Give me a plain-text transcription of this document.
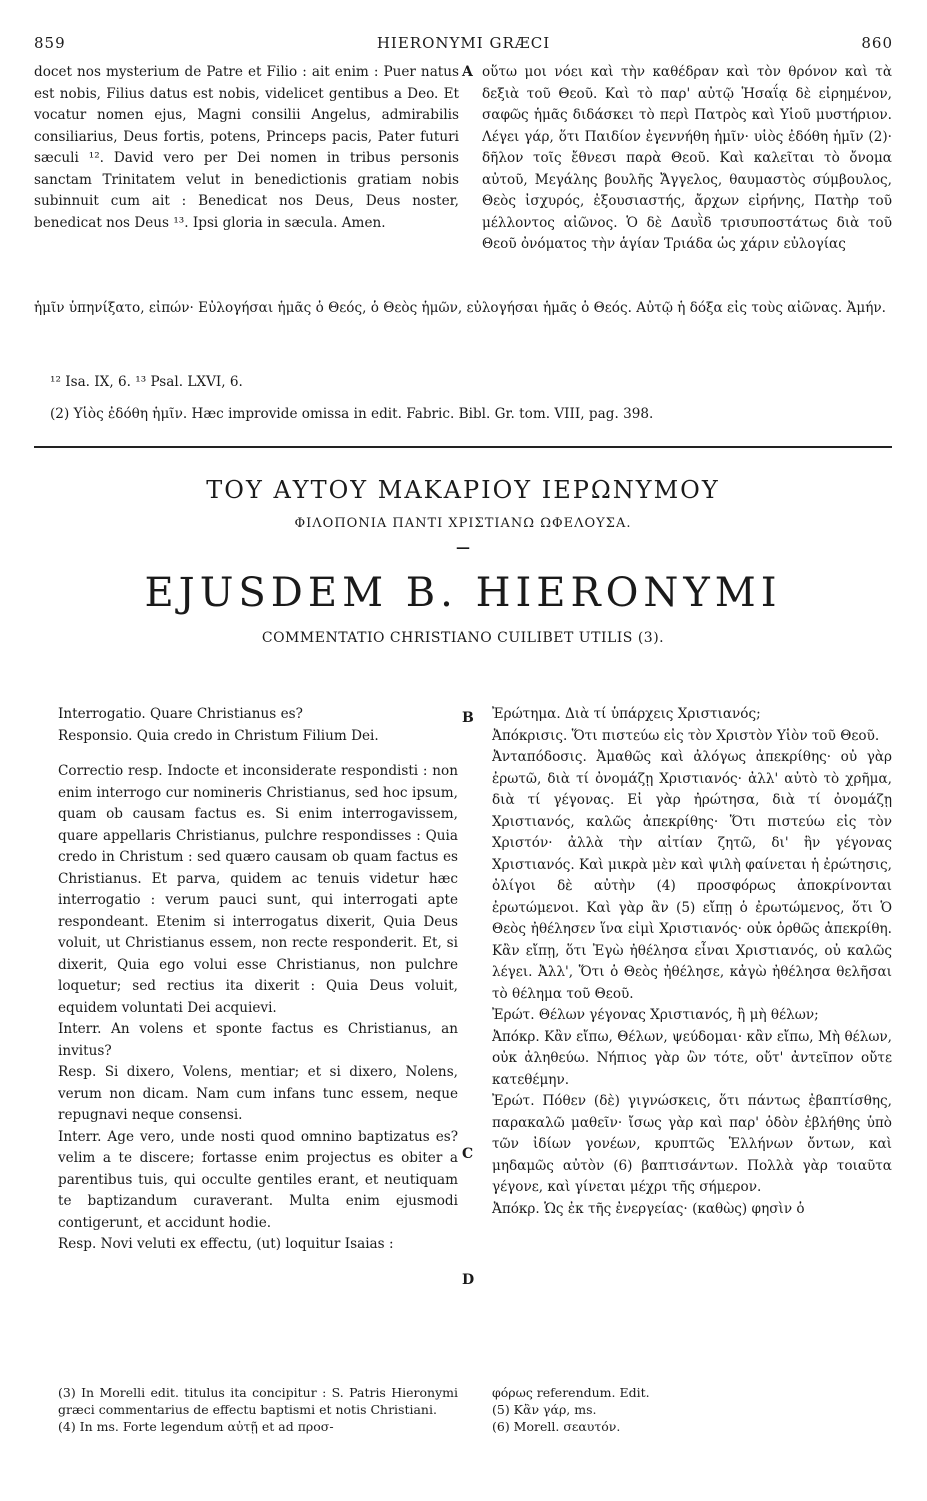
859	HIERONYMI GRÆCI	860

docet nos mysterium de Patre et Filio : ait enim : Puer natus est nobis, Filius datus est nobis, videlicet gentibus a Deo. Et vocatur nomen ejus, Magni consilii Angelus, admirabilis consiliarius, Deus fortis, potens, Princeps pacis, Pater futuri sæculi ¹². David vero per Dei nomen in tribus personis sanctam Trinitatem velut in benedictionis gratiam nobis subinnuit cum ait : Benedicat nos Deus, Deus noster, benedicat nos Deus ¹³. Ipsi gloria in sæcula. Amen.

A οὕτω μοι νόει καὶ τὴν καθέδραν καὶ τὸν θρόνον καὶ τὰ δεξιὰ τοῦ Θεοῦ. Καὶ τὸ παρ' αὐτῷ Ἡσαΐᾳ δὲ εἰρημένον, σαφῶς ἡμᾶς διδάσκει τὸ περὶ Πατρὸς καὶ Υἱοῦ μυστήριον. Λέγει γάρ, ὅτι Παιδίον ἐγεννήθη ἡμῖν· υἱὸς ἐδόθη ἡμῖν (2)· δῆλον τοῖς ἔθνεσι παρὰ Θεοῦ. Καὶ καλεῖται τὸ ὄνομα αὐτοῦ, Μεγάλης βουλῆς Ἄγγελος, θαυμαστὸς σύμβουλος, Θεὸς ἰσχυρός, ἐξουσιαστής, ἄρχων εἰρήνης, Πατὴρ τοῦ μέλλοντος αἰῶνος. Ὁ δὲ Δαυῒδ τρισυποστάτως διὰ τοῦ Θεοῦ ὀνόματος τὴν ἁγίαν Τριάδα ὡς χάριν εὐλογίας

ἡμῖν ὑπηνίξατο, εἰπών· Εὐλογήσαι ἡμᾶς ὁ Θεός, ὁ Θεὸς ἡμῶν, εὐλογήσαι ἡμᾶς ὁ Θεός. Αὐτῷ ἡ δόξα εἰς τοὺς αἰῶνας. Ἀμήν.

¹² Isa. IX, 6. ¹³ Psal. LXVI, 6.
(2) Υἱὸς ἐδόθη ἡμῖν. Hæc improvide omissa in edit. Fabric. Bibl. Gr. tom. VIII, pag. 398.
ΤΟΥ ΑΥΤΟΥ ΜΑΚΑΡΙΟΥ ΙΕΡΩΝΥΜΟΥ
ΦΙΛΟΠΟΝΙΑ ΠΑΝΤΙ ΧΡΙΣΤΙΑΝΩ ΩΦΕΛΟΥΣΑ.
—
EJUSDEM B. HIERONYMI
COMMENTATIO CHRISTIANO CUILIBET UTILIS (3).

Interrogatio. Quare Christianus es?

Responsio. Quia credo in Christum Filium Dei.

Correctio resp. Indocte et inconsiderate respondisti : non enim interrogo cur nomineris Christianus, sed hoc ipsum, quam ob causam factus es. Si enim interrogavissem, quare appellaris Christianus, pulchre respondisses : Quia credo in Christum : sed quæro causam ob quam factus es Christianus. Et parva, quidem ac tenuis videtur hæc interrogatio : verum pauci sunt, qui interrogati apte respondeant. Etenim si interrogatus dixerit, Quia Deus voluit, ut Christianus essem, non recte responderit. Et, si dixerit, Quia ego volui esse Christianus, non pulchre loquetur; sed rectius ita dixerit : Quia Deus voluit, equidem voluntati Dei acquievi.

Interr. An volens et sponte factus es Christianus, an invitus?

Resp. Si dixero, Volens, mentiar; et si dixero, Nolens, verum non dicam. Nam cum infans tunc essem, neque repugnavi neque consensi.

Interr. Age vero, unde nosti quod omnino baptizatus es? velim a te discere; fortasse enim projectus es obiter a parentibus tuis, qui occulte gentiles erant, et neutiquam te baptizandum curaverant. Multa enim ejusmodi contigerunt, et accidunt hodie.

Resp. Novi veluti ex effectu, (ut) loquitur Isaias :

B
C
D

Ἐρώτημα. Διὰ τί ὑπάρχεις Χριστιανός;

Ἀπόκρισις. Ὅτι πιστεύω εἰς τὸν Χριστὸν Υἱὸν τοῦ Θεοῦ.

Ἀνταπόδοσις. Ἀμαθῶς καὶ ἀλόγως ἀπεκρίθης· οὐ γὰρ ἐρωτῶ, διὰ τί ὀνομάζῃ Χριστιανός· ἀλλ' αὐτὸ τὸ χρῆμα, διὰ τί γέγονας. Εἰ γὰρ ἠρώτησα, διὰ τί ὀνομάζῃ Χριστιανός, καλῶς ἀπεκρίθης· Ὅτι πιστεύω εἰς τὸν Χριστόν· ἀλλὰ τὴν αἰτίαν ζητῶ, δι' ἣν γέγονας Χριστιανός. Καὶ μικρὰ μὲν καὶ ψιλὴ φαίνεται ἡ ἐρώτησις, ὀλίγοι δὲ αὐτὴν (4) προσφόρως ἀποκρίνονται ἐρωτώμενοι. Καὶ γὰρ ἂν (5) εἴπῃ ὁ ἐρωτώμενος, ὅτι Ὁ Θεὸς ἠθέλησεν ἵνα εἰμὶ Χριστιανός· οὐκ ὀρθῶς ἀπεκρίθη. Κἂν εἴπῃ, ὅτι Ἐγὼ ἠθέλησα εἶναι Χριστιανός, οὐ καλῶς λέγει. Ἀλλ', Ὅτι ὁ Θεὸς ἠθέλησε, κἀγὼ ἠθέλησα θελῆσαι τὸ θέλημα τοῦ Θεοῦ.

Ἐρώτ. Θέλων γέγονας Χριστιανός, ἢ μὴ θέλων;

Ἀπόκρ. Κἂν εἴπω, Θέλων, ψεύδομαι· κἂν εἴπω, Μὴ θέλων, οὐκ ἀληθεύω. Νήπιος γὰρ ὢν τότε, οὔτ' ἀντεῖπον οὔτε κατεθέμην.

Ἐρώτ. Πόθεν (δὲ) γιγνώσκεις, ὅτι πάντως ἐβαπτίσθης, παρακαλῶ μαθεῖν· ἴσως γὰρ καὶ παρ' ὁδὸν ἐβλήθης ὑπὸ τῶν ἰδίων γονέων, κρυπτῶς Ἑλλήνων ὄντων, καὶ μηδαμῶς αὐτὸν (6) βαπτισάντων. Πολλὰ γὰρ τοιαῦτα γέγονε, καὶ γίνεται μέχρι τῆς σήμερον.

Ἀπόκρ. Ὡς ἐκ τῆς ἐνεργείας· (καθὼς) φησὶν ὁ

(3) In Morelli edit. titulus ita concipitur : S. Patris Hieronymi græci commentarius de effectu baptismi et notis Christiani.
(4) In ms. Forte legendum αὐτῇ et ad προσ-
φόρως referendum. Edit.
(5) Κἂν γάρ, ms.
(6) Morell. σεαυτόν.
